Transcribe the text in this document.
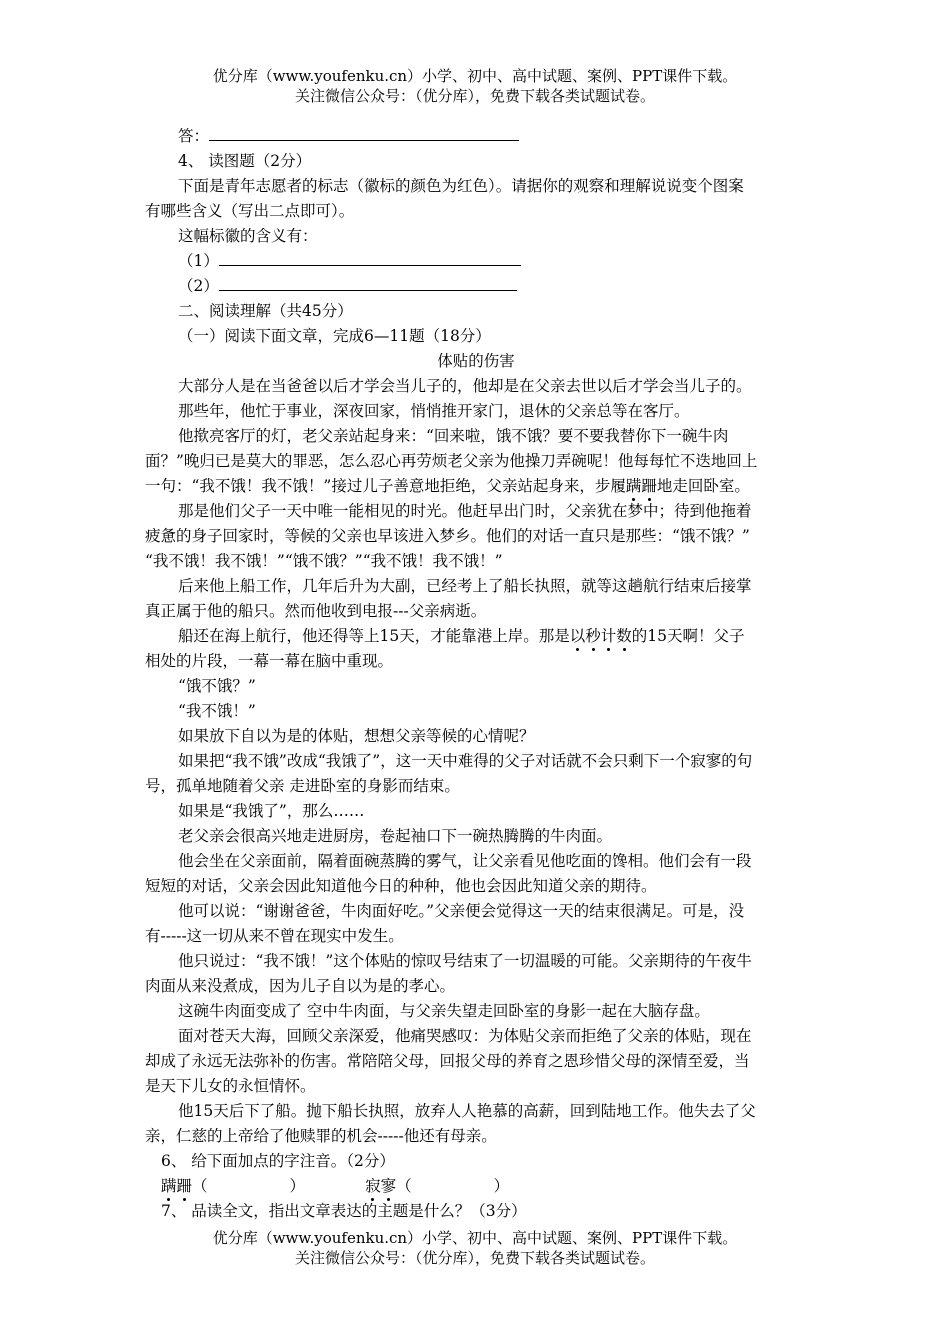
优分库（www.youfenku.cn）小学、初中、高中试题、案例、PPT课件下载。
关注微信公众号：（优分库），免费下载各类试题试卷。
答：
4、 读图题（2分）
下面是青年志愿者的标志（徽标的颜色为红色）。请据你的观察和理解说说变个图案
有哪些含义（写出二点即可）。
这幅标徽的含义有：
（1）
（2）
二、阅读理解（共45分）
（一）阅读下面文章，完成6—11题（18分）
体贴的伤害
大部分人是在当爸爸以后才学会当儿子的，他却是在父亲去世以后才学会当儿子的。
那些年，他忙于事业，深夜回家，悄悄推开家门，退休的父亲总等在客厅。
他揿亮客厅的灯，老父亲站起身来：“回来啦，饿不饿？要不要我替你下一碗牛肉
面？”晚归已是莫大的罪恶，怎么忍心再劳烦老父亲为他操刀弄碗呢！他每每忙不迭地回上
一句：“我不饿！我不饿！”接过儿子善意地拒绝，父亲站起身来，步履蹒跚地走回卧室。
那是他们父子一天中唯一能相见的时光。他赶早出门时，父亲犹在梦中；待到他拖着
疲惫的身子回家时，等候的父亲也早该进入梦乡。他们的对话一直只是那些：“饿不饿？”
“我不饿！我不饿！”“饿不饿？”“我不饿！我不饿！”
后来他上船工作，几年后升为大副，已经考上了船长执照，就等这趟航行结束后接掌
真正属于他的船只。然而他收到电报---父亲病逝。
船还在海上航行，他还得等上15天，才能靠港上岸。那是以秒计数的15天啊！父子
相处的片段，一幕一幕在脑中重现。
“饿不饿？”
“我不饿！”
如果放下自以为是的体贴，想想父亲等候的心情呢？
如果把“我不饿”改成“我饿了”，这一天中难得的父子对话就不会只剩下一个寂寥的句
号，孤单地随着父亲 走进卧室的身影而结束。
如果是“我饿了”，那么……
老父亲会很高兴地走进厨房，卷起袖口下一碗热腾腾的牛肉面。
他会坐在父亲面前，隔着面碗蒸腾的雾气，让父亲看见他吃面的馋相。他们会有一段
短短的对话，父亲会因此知道他今日的种种，他也会因此知道父亲的期待。
他可以说：“谢谢爸爸，牛肉面好吃。”父亲便会觉得这一天的结束很满足。可是，没
有-----这一切从来不曾在现实中发生。
他只说过：“我不饿！”这个体贴的惊叹号结束了一切温暖的可能。父亲期待的午夜牛
肉面从来没煮成，因为儿子自以为是的孝心。
这碗牛肉面变成了 空中牛肉面，与父亲失望走回卧室的身影一起在大脑存盘。
面对苍天大海，回顾父亲深爱，他痛哭感叹：为体贴父亲而拒绝了父亲的体贴，现在
却成了永远无法弥补的伤害。常陪陪父母，回报父母的养育之恩珍惜父母的深情至爱，当
是天下儿女的永恒情怀。
他15天后下了船。抛下船长执照，放弃人人艳慕的高薪，回到陆地工作。他失去了父
亲，仁慈的上帝给了他赎罪的机会-----他还有母亲。
6、 给下面加点的字注音。（2分）
蹒跚（	）	寂寥（	）
7、 品读全文，指出文章表达的主题是什么？（3分）
优分库（www.youfenku.cn）小学、初中、高中试题、案例、PPT课件下载。
关注微信公众号：（优分库），免费下载各类试题试卷。
